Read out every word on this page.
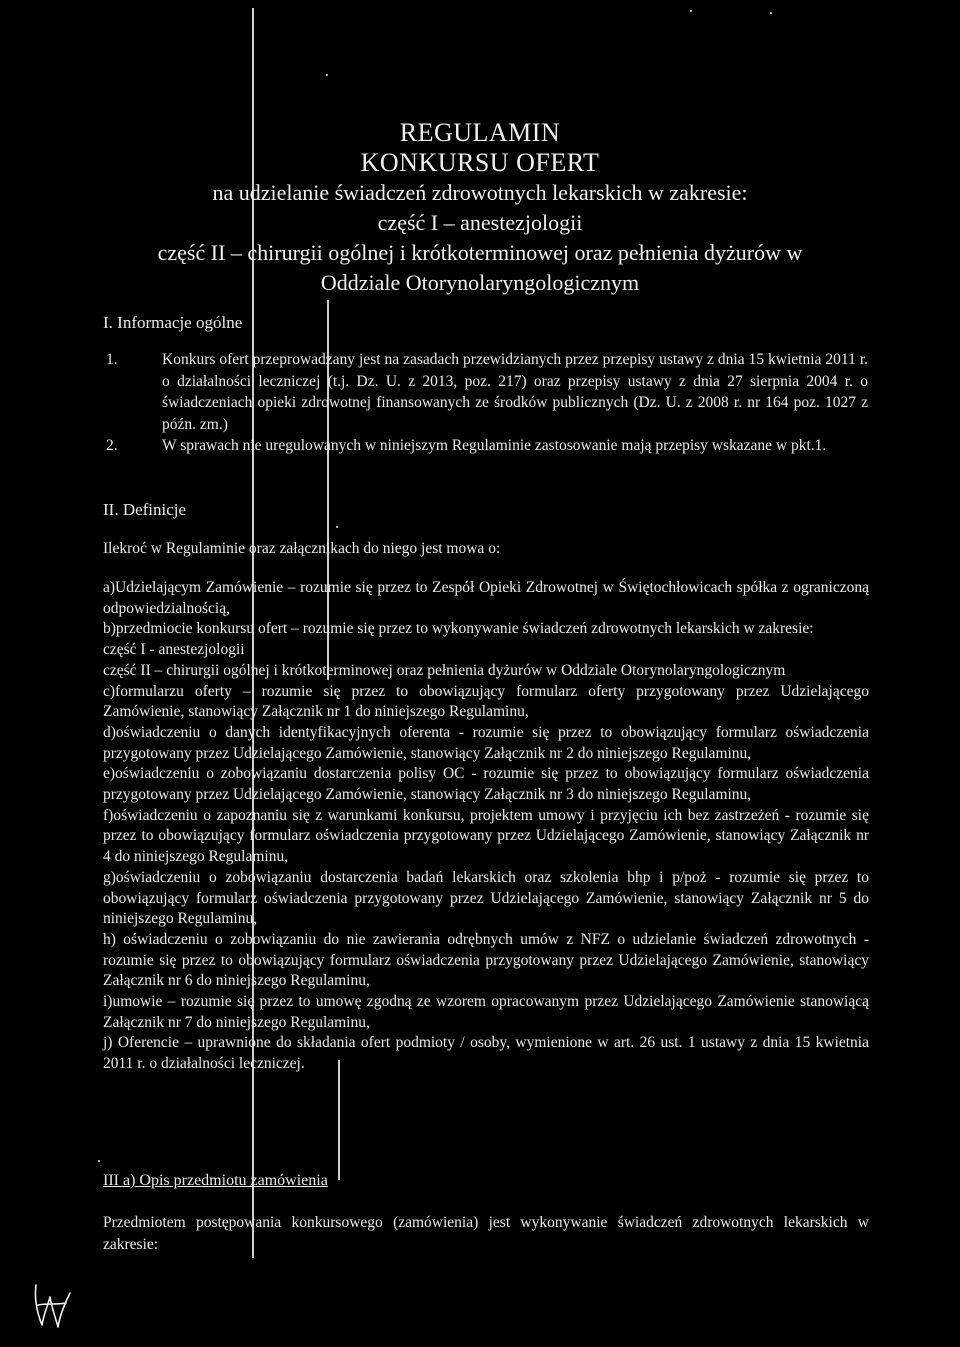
REGULAMIN
KONKURSU OFERT
na udzielanie świadczeń zdrowotnych lekarskich w zakresie:
część I – anestezjologii
część II – chirurgii ogólnej i krótkoterminowej oraz pełnienia dyżurów w
Oddziale Otorynolaryngologicznym
I. Informacje ogólne
1.	Konkurs ofert przeprowadzany jest na zasadach przewidzianych przez przepisy ustawy z dnia 15 kwietnia 2011 r. o działalności leczniczej (t.j. Dz. U. z 2013, poz. 217) oraz przepisy ustawy z dnia 27 sierpnia 2004 r. o świadczeniach opieki zdrowotnej finansowanych ze środków publicznych (Dz. U. z 2008 r. nr 164 poz. 1027 z późn. zm.)
2.	W sprawach nie uregulowanych w niniejszym Regulaminie zastosowanie mają przepisy wskazane w pkt.1.
II. Definicje
Ilekroć w Regulaminie oraz załącznikach do niego jest mowa o:

a)Udzielającym Zamówienie – rozumie się przez to Zespół Opieki Zdrowotnej w Świętochłowicach spółka z ograniczoną odpowiedzialnością,

b)przedmiocie konkursu ofert – rozumie się przez to wykonywanie świadczeń zdrowotnych lekarskich w zakresie:

część I - anestezjologii

część II – chirurgii ogólnej i krótkoterminowej oraz pełnienia dyżurów w Oddziale Otorynolaryngologicznym

c)formularzu oferty – rozumie się przez to obowiązujący formularz oferty przygotowany przez Udzielającego Zamówienie, stanowiący Załącznik nr 1 do niniejszego Regulaminu,

d)oświadczeniu o danych identyfikacyjnych oferenta - rozumie się przez to obowiązujący formularz oświadczenia przygotowany przez Udzielającego Zamówienie, stanowiący Załącznik nr 2 do niniejszego Regulaminu,

e)oświadczeniu o zobowiązaniu dostarczenia polisy OC - rozumie się przez to obowiązujący formularz oświadczenia przygotowany przez Udzielającego Zamówienie, stanowiący Załącznik nr 3 do niniejszego Regulaminu,

f)oświadczeniu o zapoznaniu się z warunkami konkursu, projektem umowy i przyjęciu ich bez zastrzeżeń - rozumie się przez to obowiązujący formularz oświadczenia przygotowany przez Udzielającego Zamówienie, stanowiący Załącznik nr 4 do niniejszego Regulaminu,

g)oświadczeniu o zobowiązaniu dostarczenia badań lekarskich oraz szkolenia bhp i p/poż - rozumie się przez to obowiązujący formularz oświadczenia przygotowany przez Udzielającego Zamówienie, stanowiący Załącznik nr 5 do niniejszego Regulaminu,

h) oświadczeniu o zobowiązaniu do nie zawierania odrębnych umów z NFZ o udzielanie świadczeń zdrowotnych - rozumie się przez to obowiązujący formularz oświadczenia przygotowany przez Udzielającego Zamówienie, stanowiący Załącznik nr 6 do niniejszego Regulaminu,

i)umowie – rozumie się przez to umowę zgodną ze wzorem opracowanym przez Udzielającego Zamówienie stanowiącą Załącznik nr 7 do niniejszego Regulaminu,

j) Oferencie – uprawnione do składania ofert podmioty / osoby, wymienione w art. 26 ust. 1 ustawy z dnia 15 kwietnia 2011 r. o działalności leczniczej.

III a) Opis przedmiotu zamówienia
Przedmiotem postępowania konkursowego (zamówienia) jest wykonywanie świadczeń zdrowotnych lekarskich w zakresie:
